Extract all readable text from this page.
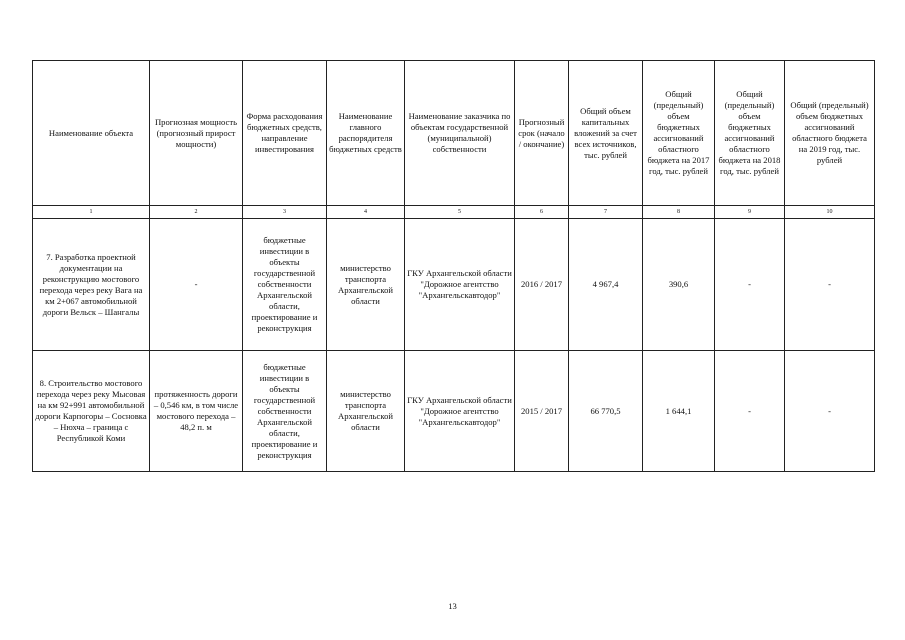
Наименование объекта	Прогнозная мощность (прогнозный прирост мощности)	Форма расходования бюджетных средств, направление инвестирования	Наименование главного распорядителя бюджетных средств	Наименование заказчика по объектам государственной (муниципальной) собственности	Прогнозный срок (начало / окончание)	Общий объем капитальных вложений за счет всех источников, тыс. рублей	Общий (предельный) объем бюджетных ассигнований областного бюджета на 2017 год, тыс. рублей	Общий (предельный) объем бюджетных ассигнований областного бюджета на 2018 год, тыс. рублей	Общий (предельный) объем бюджетных ассигнований областного бюджета на 2019 год, тыс. рублей
1	2	3	4	5	6	7	8	9	10
7. Разработка проектной документации на реконструкцию мостового перехода через реку Вага на км 2+067 автомобильной дороги Вельск – Шангалы	-	бюджетные инвестиции в объекты государственной собственности Архангельской области, проектирование и реконструкция	министерство транспорта Архангельской области	ГКУ Архангельской области "Дорожное агентство "Архангельскавтодор"	2016 / 2017	4 967,4	390,6	-	-
8. Строительство мостового перехода через реку Мысовая на км 92+991 автомобильной дороги Карпогоры – Сосновка – Нюхча – граница с Республикой Коми	протяженность дороги – 0,546 км, в том числе мостового перехода – 48,2 п. м	бюджетные инвестиции в объекты государственной собственности Архангельской области, проектирование и реконструкция	министерство транспорта Архангельской области	ГКУ Архангельской области "Дорожное агентство "Архангельскавтодор"	2015 / 2017	66 770,5	1 644,1	-	-
13
